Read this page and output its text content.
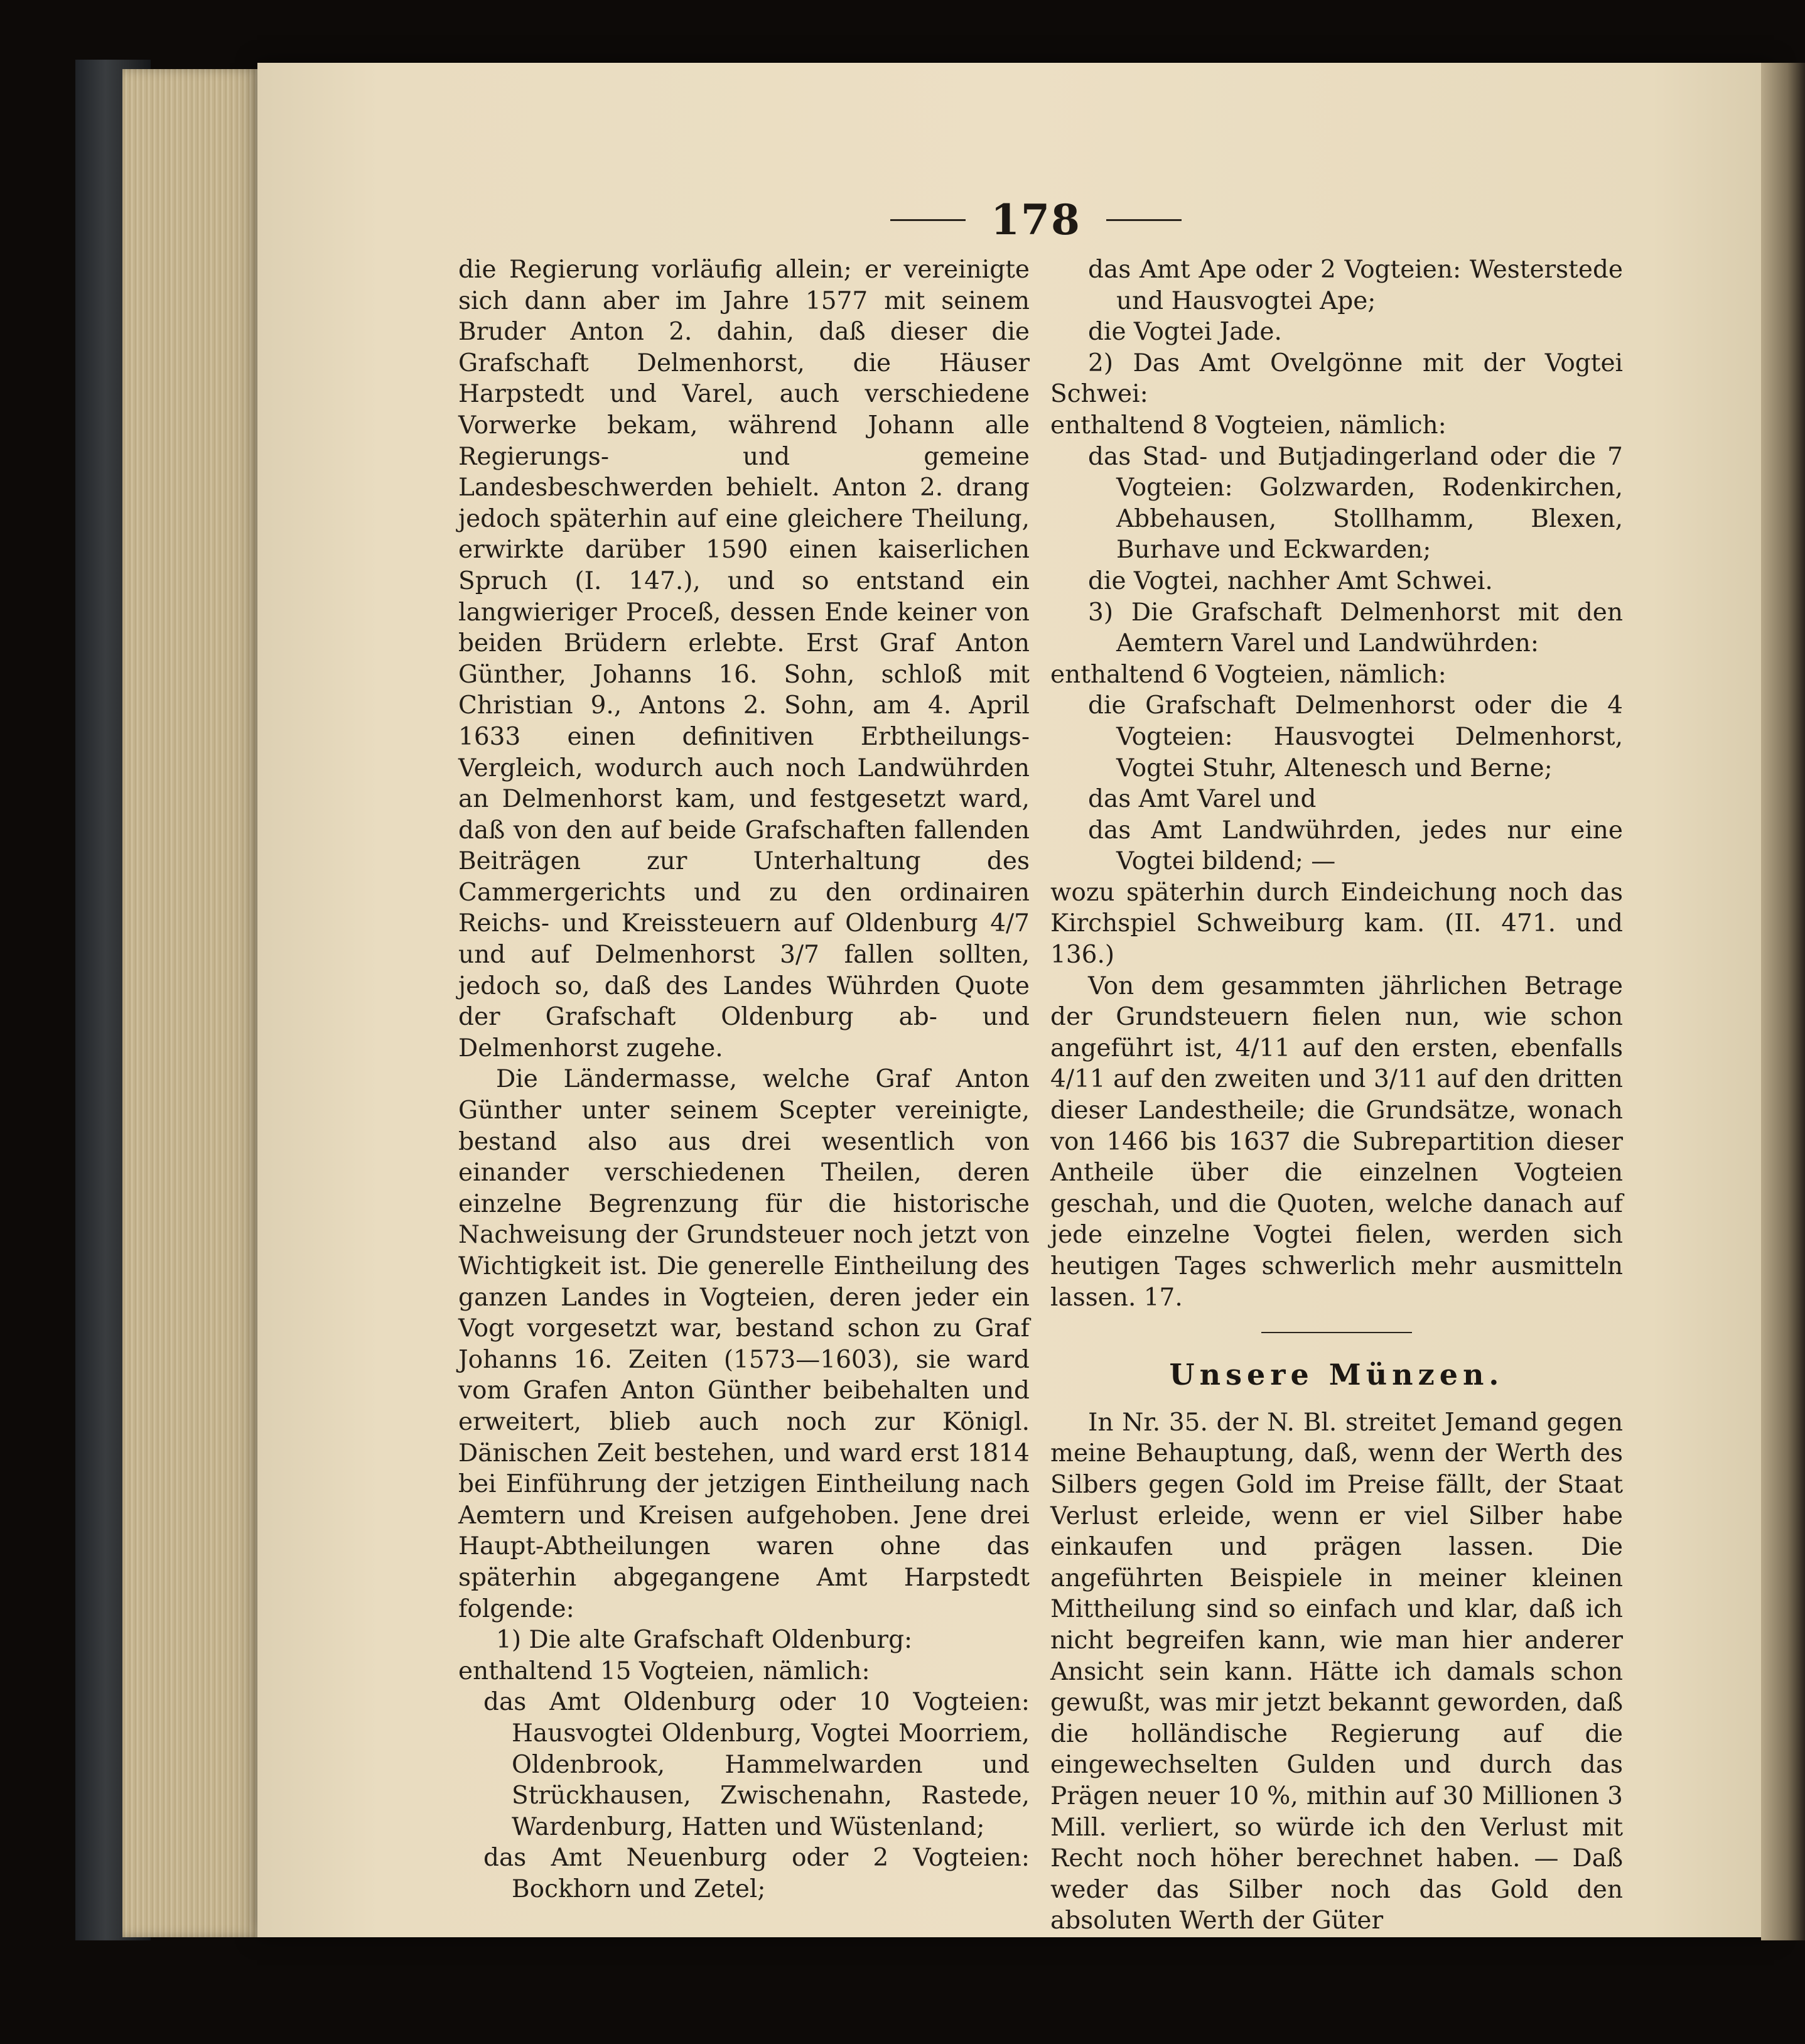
178

die Regierung vorläufig allein; er vereinigte sich dann aber im Jahre 1577 mit seinem Bruder Anton 2. dahin, daß dieser die Grafschaft Delmenhorst, die Häuser Harpstedt und Varel, auch verschiedene Vorwerke bekam, während Johann alle Regierungs- und gemeine Landesbeschwerden behielt. Anton 2. drang jedoch späterhin auf eine gleichere Theilung, erwirkte darüber 1590 einen kaiserlichen Spruch (I. 147.), und so entstand ein langwieriger Proceß, dessen Ende keiner von beiden Brüdern erlebte. Erst Graf Anton Günther, Johanns 16. Sohn, schloß mit Christian 9., Antons 2. Sohn, am 4. April 1633 einen definitiven Erbtheilungs-Vergleich, wodurch auch noch Landwührden an Delmenhorst kam, und festgesetzt ward, daß von den auf beide Grafschaften fallenden Beiträgen zur Unterhaltung des Cammergerichts und zu den ordinairen Reichs- und Kreissteuern auf Oldenburg 4/7 und auf Delmenhorst 3/7 fallen sollten, jedoch so, daß des Landes Wührden Quote der Grafschaft Oldenburg ab- und Delmenhorst zugehe.

Die Ländermasse, welche Graf Anton Günther unter seinem Scepter vereinigte, bestand also aus drei wesentlich von einander verschiedenen Theilen, deren einzelne Begrenzung für die historische Nachweisung der Grundsteuer noch jetzt von Wichtigkeit ist. Die generelle Eintheilung des ganzen Landes in Vogteien, deren jeder ein Vogt vorgesetzt war, bestand schon zu Graf Johanns 16. Zeiten (1573—1603), sie ward vom Grafen Anton Günther beibehalten und erweitert, blieb auch noch zur Königl. Dänischen Zeit bestehen, und ward erst 1814 bei Einführung der jetzigen Eintheilung nach Aemtern und Kreisen aufgehoben. Jene drei Haupt-Abtheilungen waren ohne das späterhin abgegangene Amt Harpstedt folgende:

1) Die alte Grafschaft Oldenburg:

enthaltend 15 Vogteien, nämlich:

das Amt Oldenburg oder 10 Vogteien: Hausvogtei Oldenburg, Vogtei Moorriem, Oldenbrook, Hammelwarden und Strückhausen, Zwischenahn, Rastede, Wardenburg, Hatten und Wüstenland;

das Amt Neuenburg oder 2 Vogteien: Bockhorn und Zetel;

das Amt Ape oder 2 Vogteien: Westerstede und Hausvogtei Ape;

die Vogtei Jade.

2) Das Amt Ovelgönne mit der Vogtei Schwei:

enthaltend 8 Vogteien, nämlich:

das Stad- und Butjadingerland oder die 7 Vogteien: Golzwarden, Rodenkirchen, Abbehausen, Stollhamm, Blexen, Burhave und Eckwarden;

die Vogtei, nachher Amt Schwei.

3) Die Grafschaft Delmenhorst mit den Aemtern Varel und Landwührden:

enthaltend 6 Vogteien, nämlich:

die Grafschaft Delmenhorst oder die 4 Vogteien: Hausvogtei Delmenhorst, Vogtei Stuhr, Altenesch und Berne;

das Amt Varel und

das Amt Landwührden, jedes nur eine Vogtei bildend; —

wozu späterhin durch Eindeichung noch das Kirchspiel Schweiburg kam. (II. 471. und 136.)

Von dem gesammten jährlichen Betrage der Grundsteuern fielen nun, wie schon angeführt ist, 4/11 auf den ersten, ebenfalls 4/11 auf den zweiten und 3/11 auf den dritten dieser Landestheile; die Grundsätze, wonach von 1466 bis 1637 die Subrepartition dieser Antheile über die einzelnen Vogteien geschah, und die Quoten, welche danach auf jede einzelne Vogtei fielen, werden sich heutigen Tages schwerlich mehr ausmitteln lassen. 17.

Unsere Münzen.

In Nr. 35. der N. Bl. streitet Jemand gegen meine Behauptung, daß, wenn der Werth des Silbers gegen Gold im Preise fällt, der Staat Verlust erleide, wenn er viel Silber habe einkaufen und prägen lassen. Die angeführten Beispiele in meiner kleinen Mittheilung sind so einfach und klar, daß ich nicht begreifen kann, wie man hier anderer Ansicht sein kann. Hätte ich damals schon gewußt, was mir jetzt bekannt geworden, daß die holländische Regierung auf die eingewechselten Gulden und durch das Prägen neuer 10 %, mithin auf 30 Millionen 3 Mill. verliert, so würde ich den Verlust mit Recht noch höher berechnet haben. — Daß weder das Silber noch das Gold den absoluten Werth der Güter
